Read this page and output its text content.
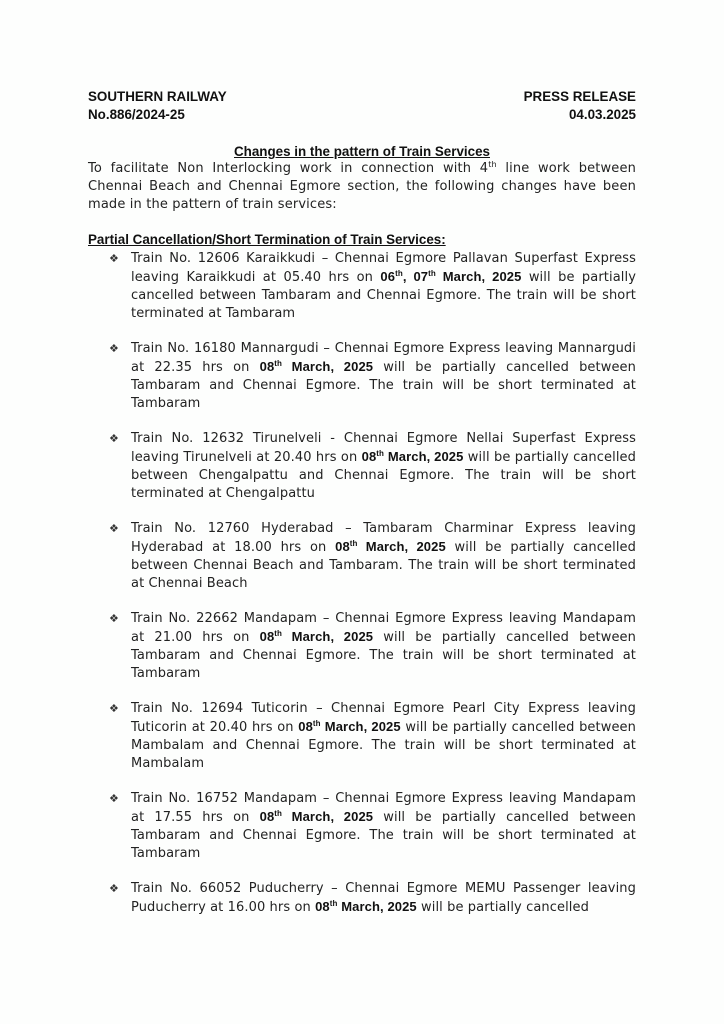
SOUTHERN RAILWAY	PRESS RELEASE
No.886/2024-25	04.03.2025
Changes in the pattern of Train Services
To facilitate Non Interlocking work in connection with 4th line work between Chennai Beach and Chennai Egmore section, the following changes have been made in the pattern of train services:
Partial Cancellation/Short Termination of Train Services:
❖ Train No. 12606 Karaikkudi – Chennai Egmore Pallavan Superfast Express leaving Karaikkudi at 05.40 hrs on 06th, 07th March, 2025 will be partially cancelled between Tambaram and Chennai Egmore. The train will be short terminated at Tambaram
❖ Train No. 16180 Mannargudi – Chennai Egmore Express leaving Mannargudi at 22.35 hrs on 08th March, 2025 will be partially cancelled between Tambaram and Chennai Egmore. The train will be short terminated at Tambaram
❖ Train No. 12632 Tirunelveli - Chennai Egmore Nellai Superfast Express leaving Tirunelveli at 20.40 hrs on 08th March, 2025 will be partially cancelled between Chengalpattu and Chennai Egmore. The train will be short terminated at Chengalpattu
❖ Train No. 12760 Hyderabad – Tambaram Charminar Express leaving Hyderabad at 18.00 hrs on 08th March, 2025 will be partially cancelled between Chennai Beach and Tambaram. The train will be short terminated at Chennai Beach
❖ Train No. 22662 Mandapam – Chennai Egmore Express leaving Mandapam at 21.00 hrs on 08th March, 2025 will be partially cancelled between Tambaram and Chennai Egmore. The train will be short terminated at Tambaram
❖ Train No. 12694 Tuticorin – Chennai Egmore Pearl City Express leaving Tuticorin at 20.40 hrs on 08th March, 2025 will be partially cancelled between Mambalam and Chennai Egmore. The train will be short terminated at Mambalam
❖ Train No. 16752 Mandapam – Chennai Egmore Express leaving Mandapam at 17.55 hrs on 08th March, 2025 will be partially cancelled between Tambaram and Chennai Egmore. The train will be short terminated at Tambaram
❖ Train No. 66052 Puducherry – Chennai Egmore MEMU Passenger leaving Puducherry at 16.00 hrs on 08th March, 2025 will be partially cancelled
